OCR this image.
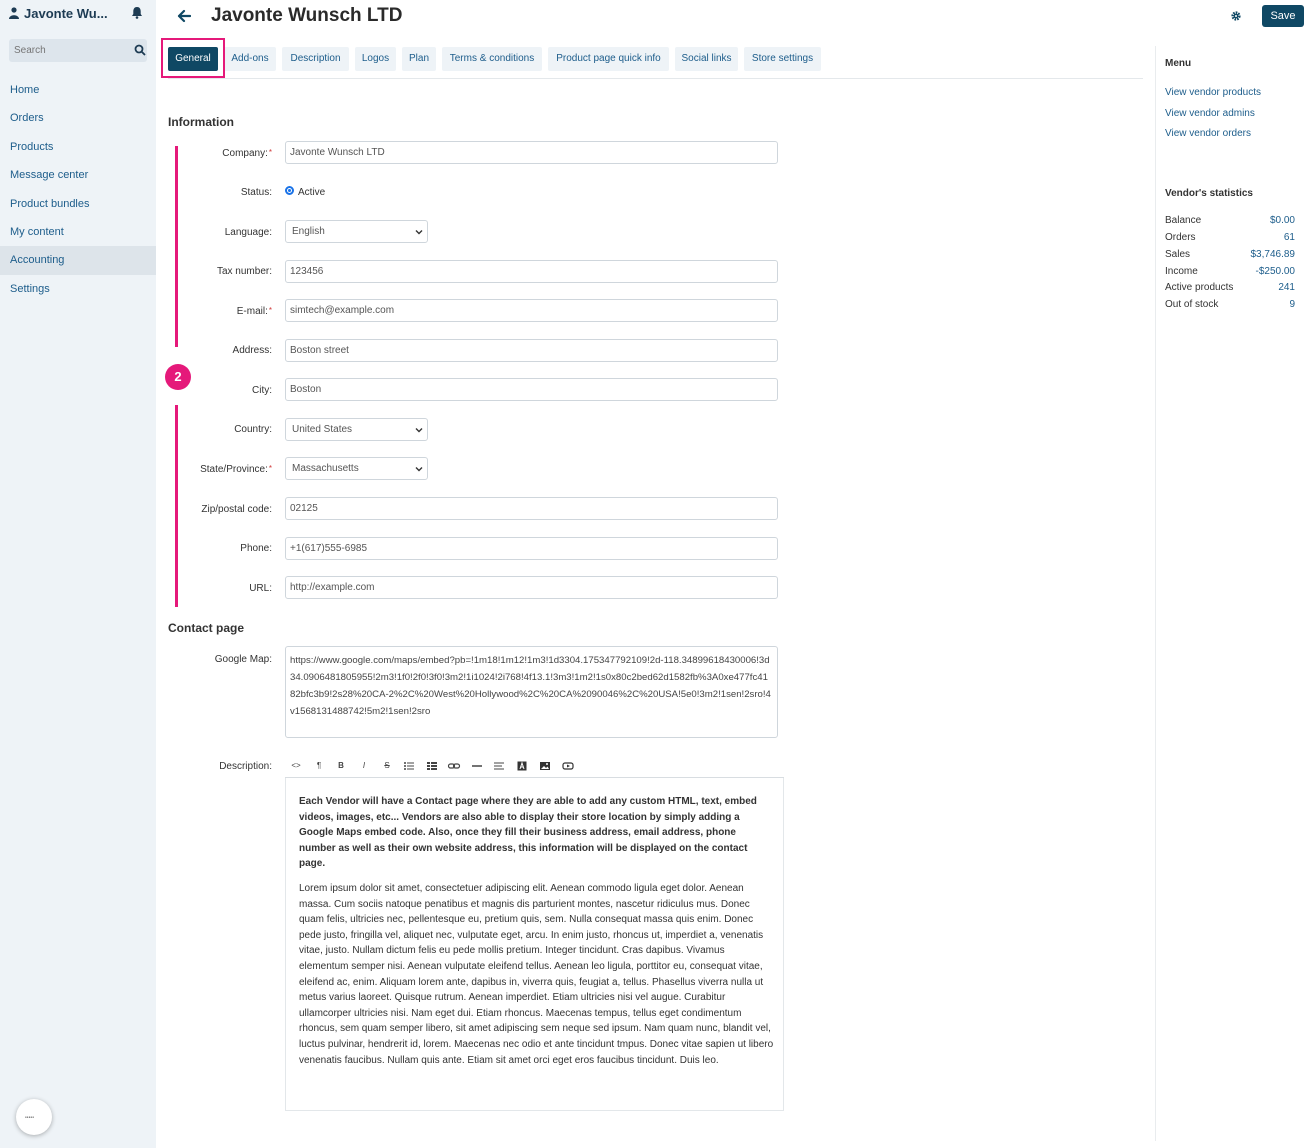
Javonte Wu...
Search
Home
Orders
Products
Message center
Product bundles
My content
Accounting
Settings
●●●●●
Javonte Wunsch LTD	Save
General	Add-ons	Description	Logos	Plan	Terms & conditions	Product page quick info	Social links	Store settings
Information
2
Company:*	Javonte Wunsch LTD
Status:	Active
Language:	English
Tax number:	123456
E-mail:*	simtech@example.com
Address:	Boston street
City:	Boston
Country:	United States
State/Province:*	Massachusetts
Zip/postal code:	02125
Phone:	+1(617)555-6985
URL:	http://example.com
Contact page
Google Map:	https://www.google.com/maps/embed?pb=!1m18!1m12!1m3!1d3304.175347792109!2d-118.34899618430006!3d34.0906481805955!2m3!1f0!2f0!3f0!3m2!1i1024!2i768!4f13.1!3m3!1m2!1s0x80c2bed62d1582fb%3A0xe477fc4182bfc3b9!2s28%20CA-2%2C%20West%20Hollywood%2C%20CA%2090046%2C%20USA!5e0!3m2!1sen!2sro!4v1568131488742!5m2!1sen!2sro
Description: <>	¶	B	I	S

Each Vendor will have a Contact page where they are able to add any custom HTML, text, embed videos, images, etc... Vendors are also able to display their store location by simply adding a Google Maps embed code. Also, once they fill their business address, email address, phone number as well as their own website address, this information will be displayed on the contact page.

Lorem ipsum dolor sit amet, consectetuer adipiscing elit. Aenean commodo ligula eget dolor. Aenean massa. Cum sociis natoque penatibus et magnis dis parturient montes, nascetur ridiculus mus. Donec quam felis, ultricies nec, pellentesque eu, pretium quis, sem. Nulla consequat massa quis enim. Donec pede justo, fringilla vel, aliquet nec, vulputate eget, arcu. In enim justo, rhoncus ut, imperdiet a, venenatis vitae, justo. Nullam dictum felis eu pede mollis pretium. Integer tincidunt. Cras dapibus. Vivamus elementum semper nisi. Aenean vulputate eleifend tellus. Aenean leo ligula, porttitor eu, consequat vitae, eleifend ac, enim. Aliquam lorem ante, dapibus in, viverra quis, feugiat a, tellus. Phasellus viverra nulla ut metus varius laoreet. Quisque rutrum. Aenean imperdiet. Etiam ultricies nisi vel augue. Curabitur ullamcorper ultricies nisi. Nam eget dui. Etiam rhoncus. Maecenas tempus, tellus eget condimentum rhoncus, sem quam semper libero, sit amet adipiscing sem neque sed ipsum. Nam quam nunc, blandit vel, luctus pulvinar, hendrerit id, lorem. Maecenas nec odio et ante tincidunt tmpus. Donec vitae sapien ut libero venenatis faucibus. Nullam quis ante. Etiam sit amet orci eget eros faucibus tincidunt. Duis leo.

Menu
View vendor products
View vendor admins
View vendor orders
Vendor's statistics
Balance	$0.00
Orders	61
Sales	$3,746.89
Income	-$250.00
Active products	241
Out of stock	9
